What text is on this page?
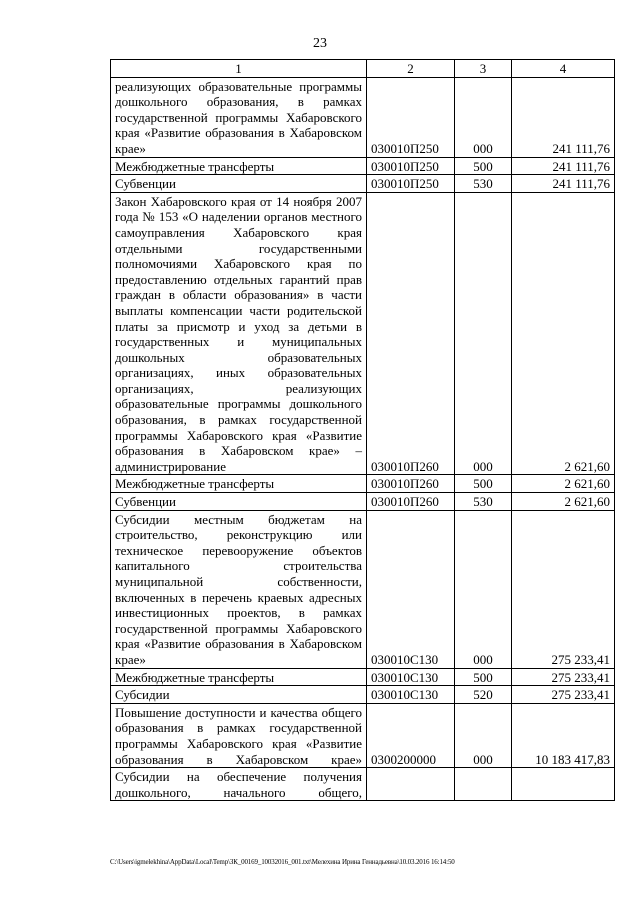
23
1	2	3	4
реализующих образовательные программы дошкольного образования, в рамках государственной программы Хабаровского края «Развитие образования в Хабаровском крае»	030010П250	000	241 111,76
Межбюджетные трансферты	030010П250	500	241 111,76
Субвенции	030010П250	530	241 111,76
Закон Хабаровского края от 14 ноября 2007 года № 153 «О наделении органов местного самоуправления Хабаровского края отдельными государственными полномочиями Хабаровского края по предоставлению отдельных гарантий прав граждан в области образования» в части выплаты компенсации части родительской платы за присмотр и уход за детьми в государственных и муниципальных дошкольных образовательных организациях, иных образовательных организациях, реализующих образовательные программы дошкольного образования, в рамках государственной программы Хабаровского края «Развитие образования в Хабаровском крае» – администрирование	030010П260	000	2 621,60
Межбюджетные трансферты	030010П260	500	2 621,60
Субвенции	030010П260	530	2 621,60
Субсидии местным бюджетам на строительство, реконструкцию или техническое перевооружение объектов капитального строительства муниципальной собственности, включенных в перечень краевых адресных инвестиционных проектов, в рамках государственной программы Хабаровского края «Развитие образования в Хабаровском крае»	030010С130	000	275 233,41
Межбюджетные трансферты	030010С130	500	275 233,41
Субсидии	030010С130	520	275 233,41
Повышение доступности и качества общего образования в рамках государственной программы Хабаровского края «Развитие образования в Хабаровском крае»	0300200000	000	10 183 417,83
Субсидии на обеспечение получения дошкольного, начального общего,			
C:\Users\igmelekhina\AppData\Local\Temp\ЗК_00169_10032016_001.txt\Мелехина Ирина Геннадьевна\10.03.2016 16:14:50
